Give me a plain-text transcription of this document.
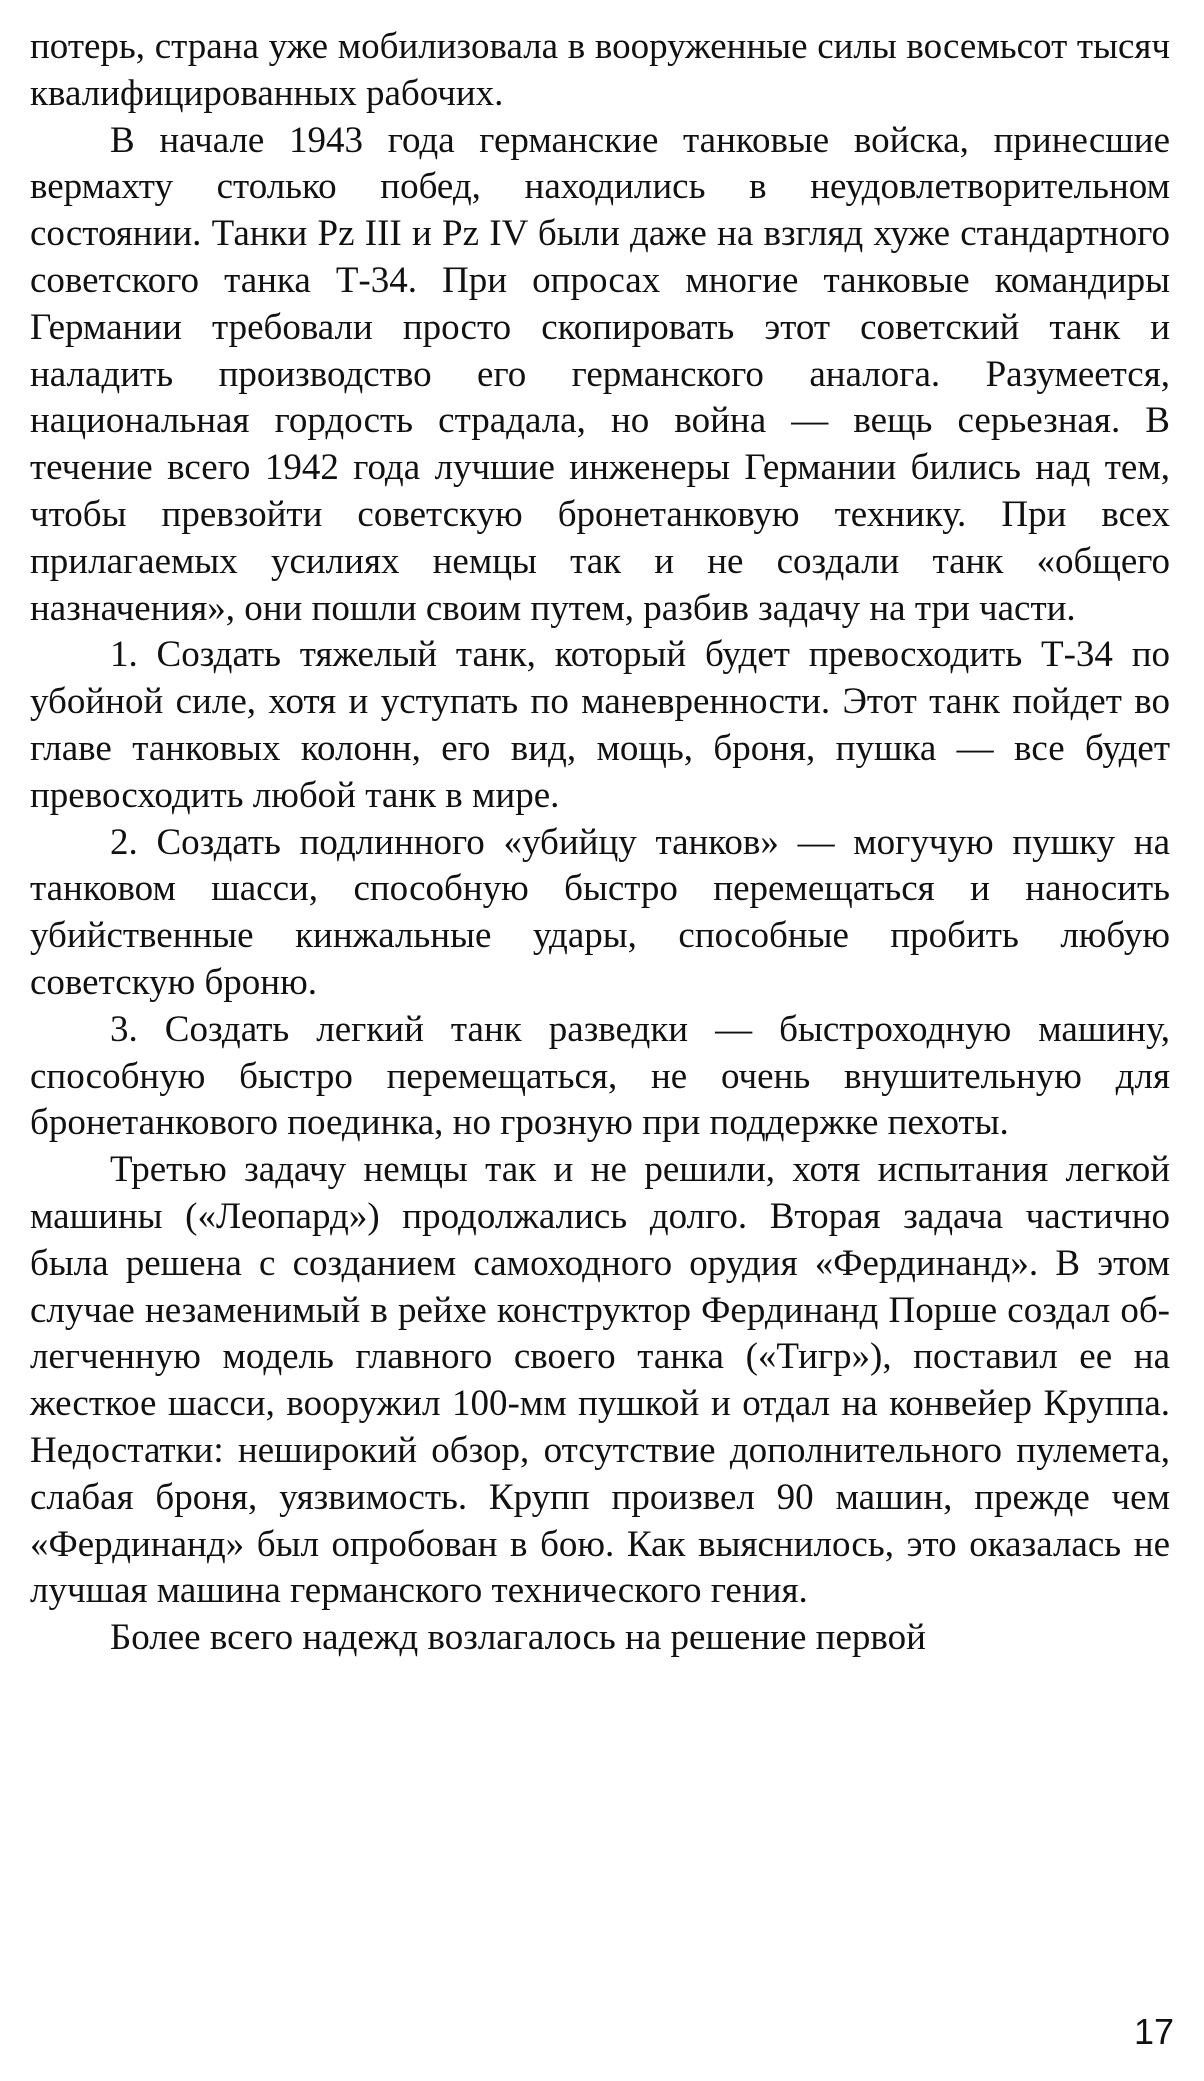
потерь, страна уже мобилизовала в вооруженные силы восемьсот тысяч квалифицированных рабочих.

В начале 1943 года германские танковые войска, принесшие вермахту столько побед, находились в неудовлетворительном состоянии. Танки Pz III и Pz IV были даже на взгляд хуже стандартного советского танка Т-34. При опросах многие танковые командиры Германии требовали просто скопировать этот советский танк и наладить производство его германского аналога. Разумеется, национальная гордость страдала, но война — вещь серьезная. В течение всего 1942 года лучшие инженеры Германии бились над тем, чтобы превзойти советскую бронетанковую технику. При всех прилагаемых усилиях немцы так и не создали танк «общего назначения», они пошли своим путем, разбив задачу на три части.

1. Создать тяжелый танк, который будет превосходить Т-34 по убойной силе, хотя и уступать по маневренности. Этот танк пойдет во главе танковых колонн, его вид, мощь, броня, пушка — все будет превосходить любой танк в мире.

2. Создать подлинного «убийцу танков» — могучую пушку на танковом шасси, способную быстро перемещаться и наносить убийственные кинжальные удары, способные пробить любую советскую броню.

3. Создать легкий танк разведки — быстроходную машину, способную быстро перемещаться, не очень внушительную для бронетанкового поединка, но грозную при поддержке пехоты.

Третью задачу немцы так и не решили, хотя испытания легкой машины («Леопард») продолжались долго. Вторая задача частично была решена с созданием самоходного орудия «Фердинанд». В этом случае незаменимый в рейхе конструктор Фердинанд Порше создал облегченную модель главного своего танка («Тигр»), поставил ее на жесткое шасси, вооружил 100-мм пушкой и отдал на конвейер Круппа. Недостатки: неширокий обзор, отсутствие дополнительного пулемета, слабая броня, уязвимость. Крупп произвел 90 машин, прежде чем «Фердинанд» был опробован в бою. Как выяснилось, это оказалась не лучшая машина германского технического гения.

Более всего надежд возлагалось на решение первой

17
